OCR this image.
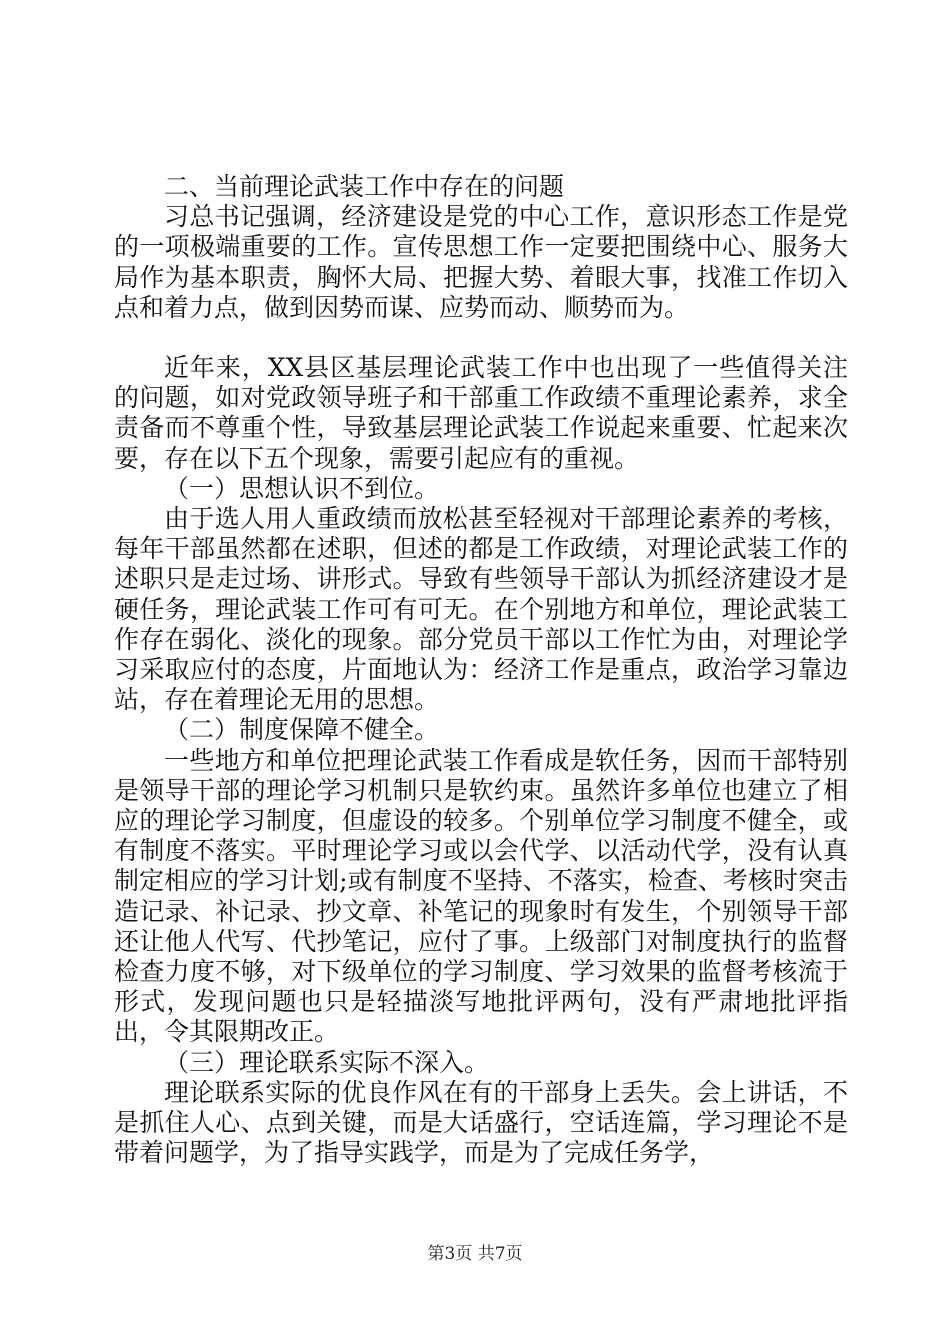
二、当前理论武装工作中存在的问题

习总书记强调，经济建设是党的中心工作，意识形态工作是党的一项极端重要的工作。宣传思想工作一定要把围绕中心、服务大局作为基本职责，胸怀大局、把握大势、着眼大事，找准工作切入点和着力点，做到因势而谋、应势而动、顺势而为。

近年来，XX县区基层理论武装工作中也出现了一些值得关注的问题，如对党政领导班子和干部重工作政绩不重理论素养，求全责备而不尊重个性，导致基层理论武装工作说起来重要、忙起来次要，存在以下五个现象，需要引起应有的重视。

（一）思想认识不到位。

由于选人用人重政绩而放松甚至轻视对干部理论素养的考核，每年干部虽然都在述职，但述的都是工作政绩，对理论武装工作的述职只是走过场、讲形式。导致有些领导干部认为抓经济建设才是硬任务，理论武装工作可有可无。在个别地方和单位，理论武装工作存在弱化、淡化的现象。部分党员干部以工作忙为由，对理论学习采取应付的态度，片面地认为：经济工作是重点，政治学习靠边站，存在着理论无用的思想。

（二）制度保障不健全。

一些地方和单位把理论武装工作看成是软任务，因而干部特别是领导干部的理论学习机制只是软约束。虽然许多单位也建立了相应的理论学习制度，但虚设的较多。个别单位学习制度不健全，或有制度不落实。平时理论学习或以会代学、以活动代学，没有认真制定相应的学习计划;或有制度不坚持、不落实，检查、考核时突击造记录、补记录、抄文章、补笔记的现象时有发生，个别领导干部还让他人代写、代抄笔记，应付了事。上级部门对制度执行的监督检查力度不够，对下级单位的学习制度、学习效果的监督考核流于形式，发现问题也只是轻描淡写地批评两句，没有严肃地批评指出，令其限期改正。

（三）理论联系实际不深入。

理论联系实际的优良作风在有的干部身上丢失。会上讲话，不是抓住人心、点到关键，而是大话盛行，空话连篇，学习理论不是带着问题学，为了指导实践学，而是为了完成任务学，

第3页 共7页
